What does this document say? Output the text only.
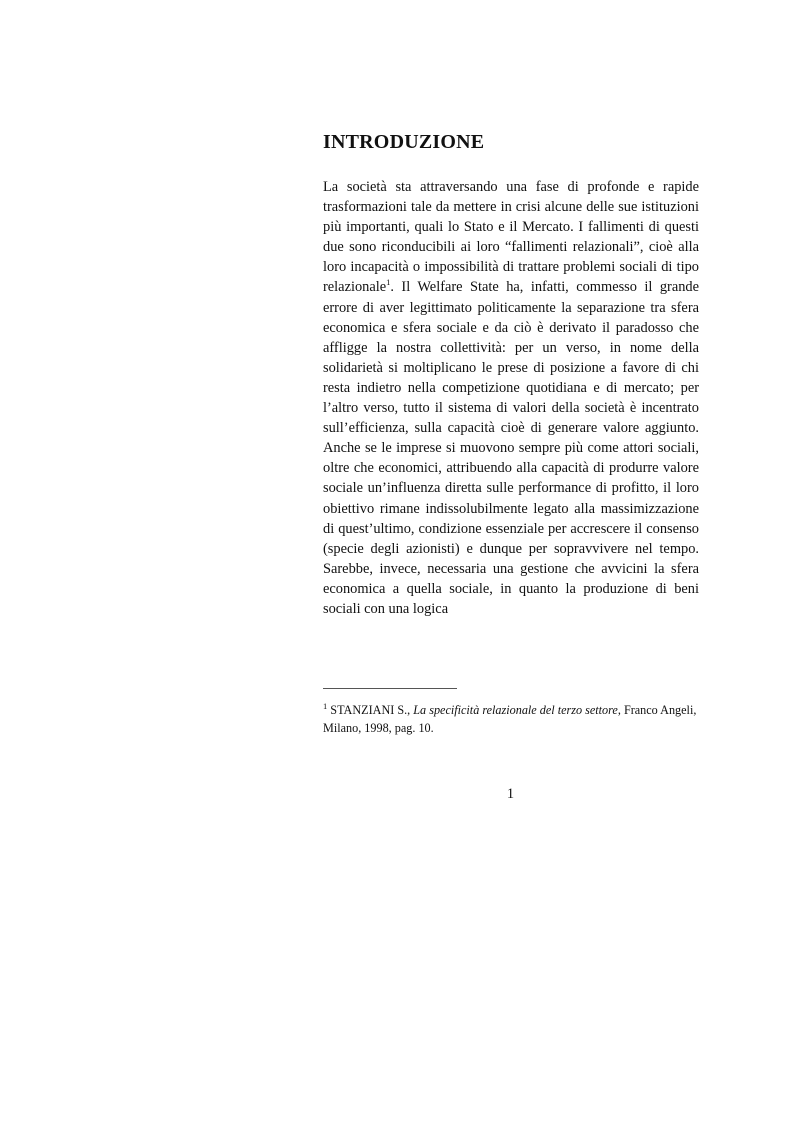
INTRODUZIONE

La società sta attraversando una fase di profonde e rapide trasformazioni tale da mettere in crisi alcune delle sue istituzioni più importanti, quali lo Stato e il Mercato. I fallimenti di questi due sono riconducibili ai loro “fallimenti relazionali”, cioè alla loro incapacità o impossibilità di trattare problemi sociali di tipo relazionale$^1$. Il Welfare State ha, infatti, commesso il grande errore di aver legittimato politicamente la separazione tra sfera economica e sfera sociale e da ciò è derivato il paradosso che affligge la nostra collettività: per un verso, in nome della solidarietà si moltiplicano le prese di posizione a favore di chi resta indietro nella competizione quotidiana e di mercato; per l’altro verso, tutto il sistema di valori della società è incentrato sull’efficienza, sulla capacità cioè di generare valore aggiunto. Anche se le imprese si muovono sempre più come attori sociali, oltre che economici, attribuendo alla capacità di produrre valore sociale un’influenza diretta sulle performance di profitto, il loro obiettivo rimane indissolubilmente legato alla massimizzazione di quest’ultimo, condizione essenziale per accrescere il consenso (specie degli azionisti) e dunque per sopravvivere nel tempo. Sarebbe, invece, necessaria una gestione che avvicini la sfera economica a quella sociale, in quanto la produzione di beni sociali con una logica

$^1$ STANZIANI S., La specificità relazionale del terzo settore, Franco Angeli, Milano, 1998, pag. 10.

1
